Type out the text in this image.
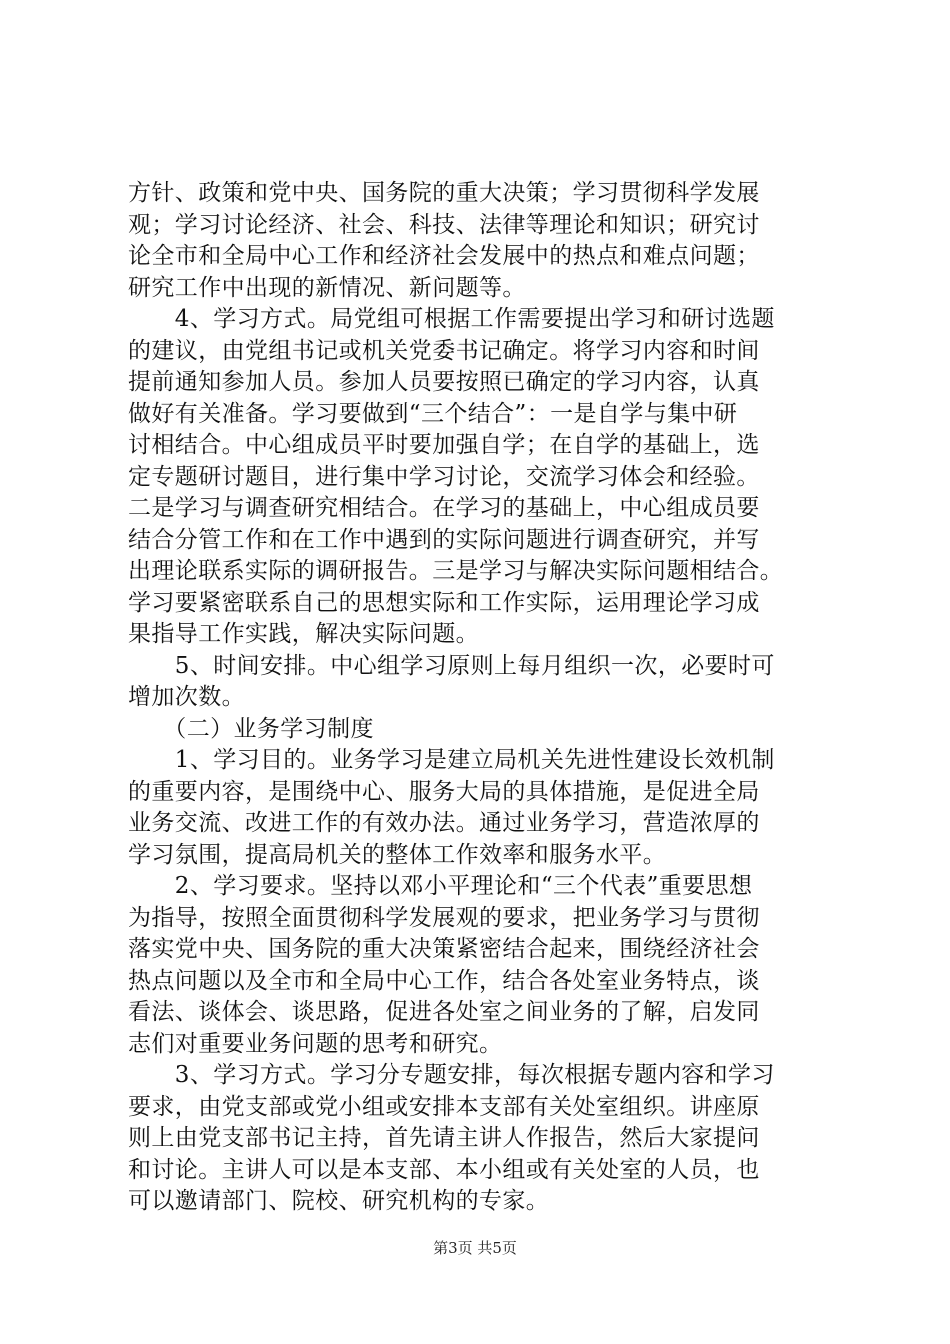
方针、政策和党中央、国务院的重大决策；学习贯彻科学发展
观；学习讨论经济、社会、科技、法律等理论和知识；研究讨
论全市和全局中心工作和经济社会发展中的热点和难点问题；
研究工作中出现的新情况、新问题等。
　　4、学习方式。局党组可根据工作需要提出学习和研讨选题
的建议，由党组书记或机关党委书记确定。将学习内容和时间
提前通知参加人员。参加人员要按照已确定的学习内容，认真
做好有关准备。学习要做到“三个结合”：一是自学与集中研
讨相结合。中心组成员平时要加强自学；在自学的基础上，选
定专题研讨题目，进行集中学习讨论，交流学习体会和经验。
二是学习与调查研究相结合。在学习的基础上，中心组成员要
结合分管工作和在工作中遇到的实际问题进行调查研究，并写
出理论联系实际的调研报告。三是学习与解决实际问题相结合。
学习要紧密联系自己的思想实际和工作实际，运用理论学习成
果指导工作实践，解决实际问题。
　　5、时间安排。中心组学习原则上每月组织一次，必要时可
增加次数。
　　（二）业务学习制度
　　1、学习目的。业务学习是建立局机关先进性建设长效机制
的重要内容，是围绕中心、服务大局的具体措施，是促进全局
业务交流、改进工作的有效办法。通过业务学习，营造浓厚的
学习氛围，提高局机关的整体工作效率和服务水平。
　　2、学习要求。坚持以邓小平理论和“三个代表”重要思想
为指导，按照全面贯彻科学发展观的要求，把业务学习与贯彻
落实党中央、国务院的重大决策紧密结合起来，围绕经济社会
热点问题以及全市和全局中心工作，结合各处室业务特点，谈
看法、谈体会、谈思路，促进各处室之间业务的了解，启发同
志们对重要业务问题的思考和研究。
　　3、学习方式。学习分专题安排，每次根据专题内容和学习
要求，由党支部或党小组或安排本支部有关处室组织。讲座原
则上由党支部书记主持，首先请主讲人作报告，然后大家提问
和讨论。主讲人可以是本支部、本小组或有关处室的人员，也
可以邀请部门、院校、研究机构的专家。
第3页 共5页
